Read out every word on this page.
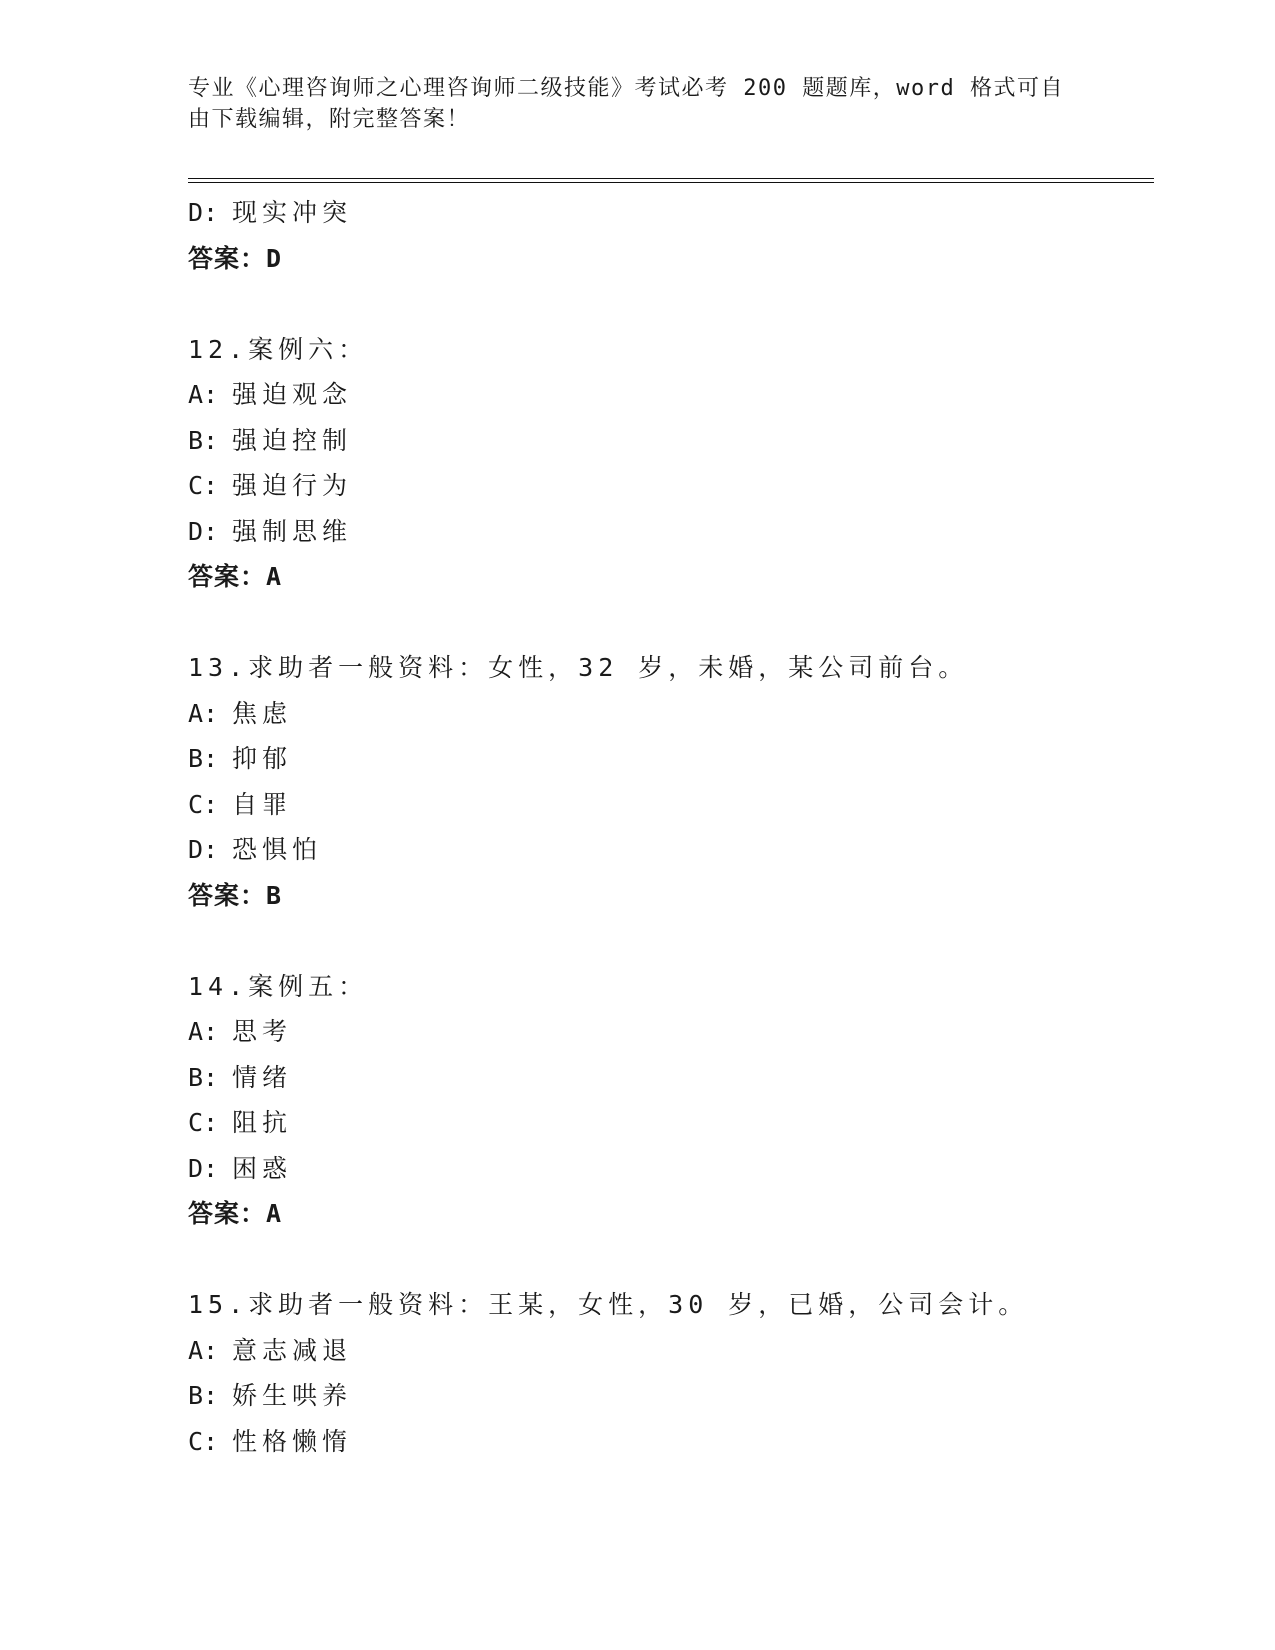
专业《心理咨询师之心理咨询师二级技能》考试必考 200 题题库，word 格式可自
由下载编辑，附完整答案！
D: 现实冲突
答案：D
12.案例六：
A: 强迫观念
B: 强迫控制
C: 强迫行为
D: 强制思维
答案：A
13.求助者一般资料：女性，32 岁，未婚，某公司前台。
A: 焦虑
B: 抑郁
C: 自罪
D: 恐惧怕
答案：B
14.案例五：
A: 思考
B: 情绪
C: 阻抗
D: 困惑
答案：A
15.求助者一般资料：王某，女性，30 岁，已婚，公司会计。
A: 意志减退
B: 娇生哄养
C: 性格懒惰
